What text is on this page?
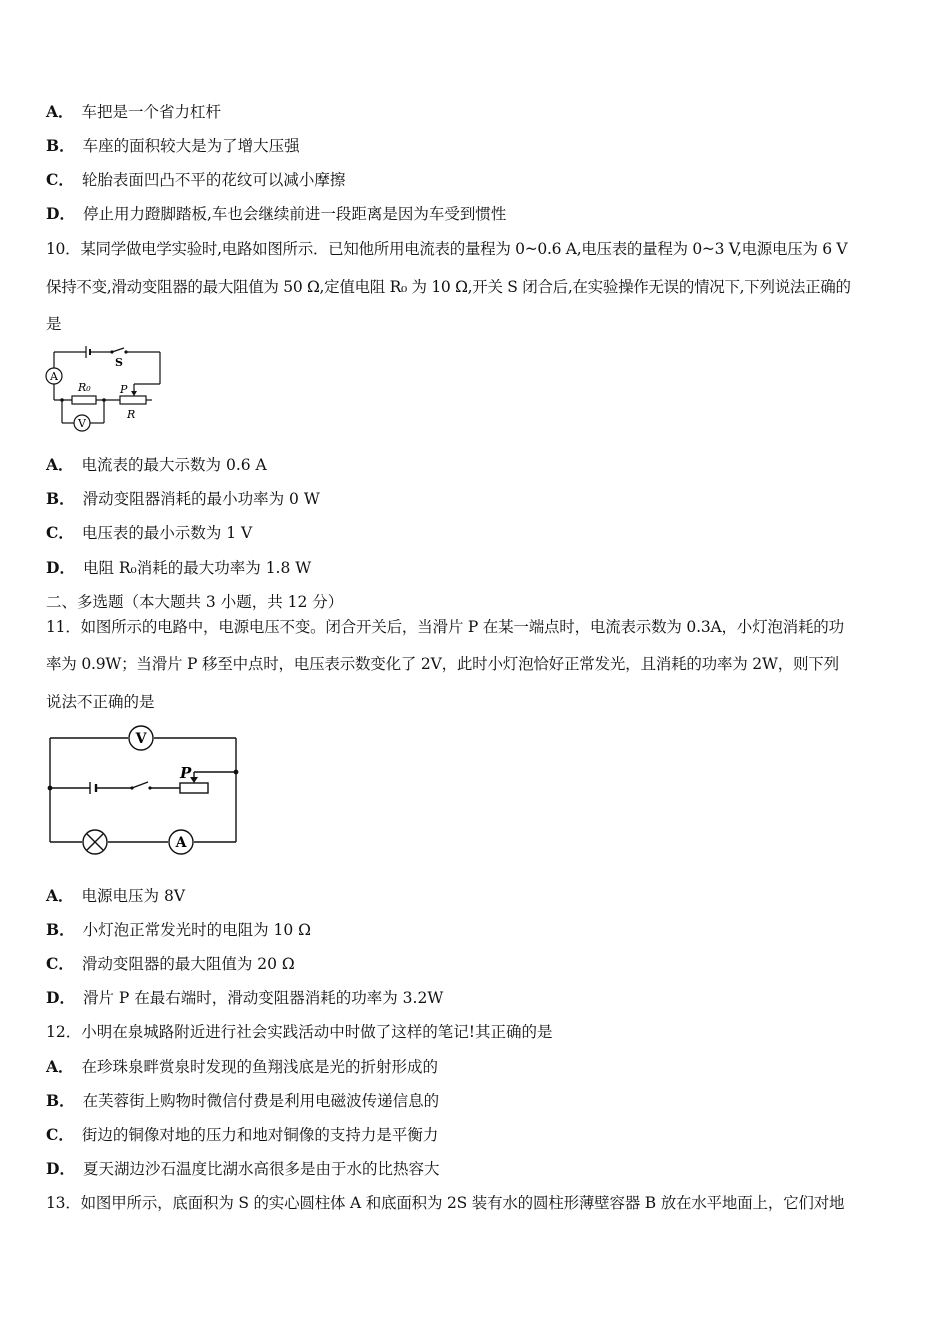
A． 车把是一个省力杠杆
B． 车座的面积较大是为了增大压强
C． 轮胎表面凹凸不平的花纹可以减小摩擦
D． 停止用力蹬脚踏板,车也会继续前进一段距离是因为车受到惯性
10．某同学做电学实验时,电路如图所示．已知他所用电流表的量程为 0~0.6 A,电压表的量程为 0~3 V,电源电压为 6 V
保持不变,滑动变阻器的最大阻值为 50 Ω,定值电阻 R₀ 为 10 Ω,开关 S 闭合后,在实验操作无误的情况下,下列说法正确的
是
A
V
S
R₀	P
R
A． 电流表的最大示数为 0.6 A
B． 滑动变阻器消耗的最小功率为 0 W
C． 电压表的最小示数为 1 V
D． 电阻 R₀消耗的最大功率为 1.8 W
二、多选题（本大题共 3 小题，共 12 分）
11．如图所示的电路中，电源电压不变。闭合开关后，当滑片 P 在某一端点时，电流表示数为 0.3A，小灯泡消耗的功
率为 0.9W；当滑片 P 移至中点时，电压表示数变化了 2V，此时小灯泡恰好正常发光，且消耗的功率为 2W，则下列
说法不正确的是
V
A
P
A． 电源电压为 8V
B． 小灯泡正常发光时的电阻为 10 Ω
C． 滑动变阻器的最大阻值为 20 Ω
D． 滑片 P 在最右端时，滑动变阻器消耗的功率为 3.2W
12．小明在泉城路附近进行社会实践活动中时做了这样的笔记!其正确的是
A． 在珍珠泉畔赏泉时发现的鱼翔浅底是光的折射形成的
B． 在芙蓉街上购物时微信付费是利用电磁波传递信息的
C． 街边的铜像对地的压力和地对铜像的支持力是平衡力
D． 夏天湖边沙石温度比湖水高很多是由于水的比热容大
13．如图甲所示，底面积为 S 的实心圆柱体 A 和底面积为 2S 装有水的圆柱形薄壁容器 B 放在水平地面上，它们对地
